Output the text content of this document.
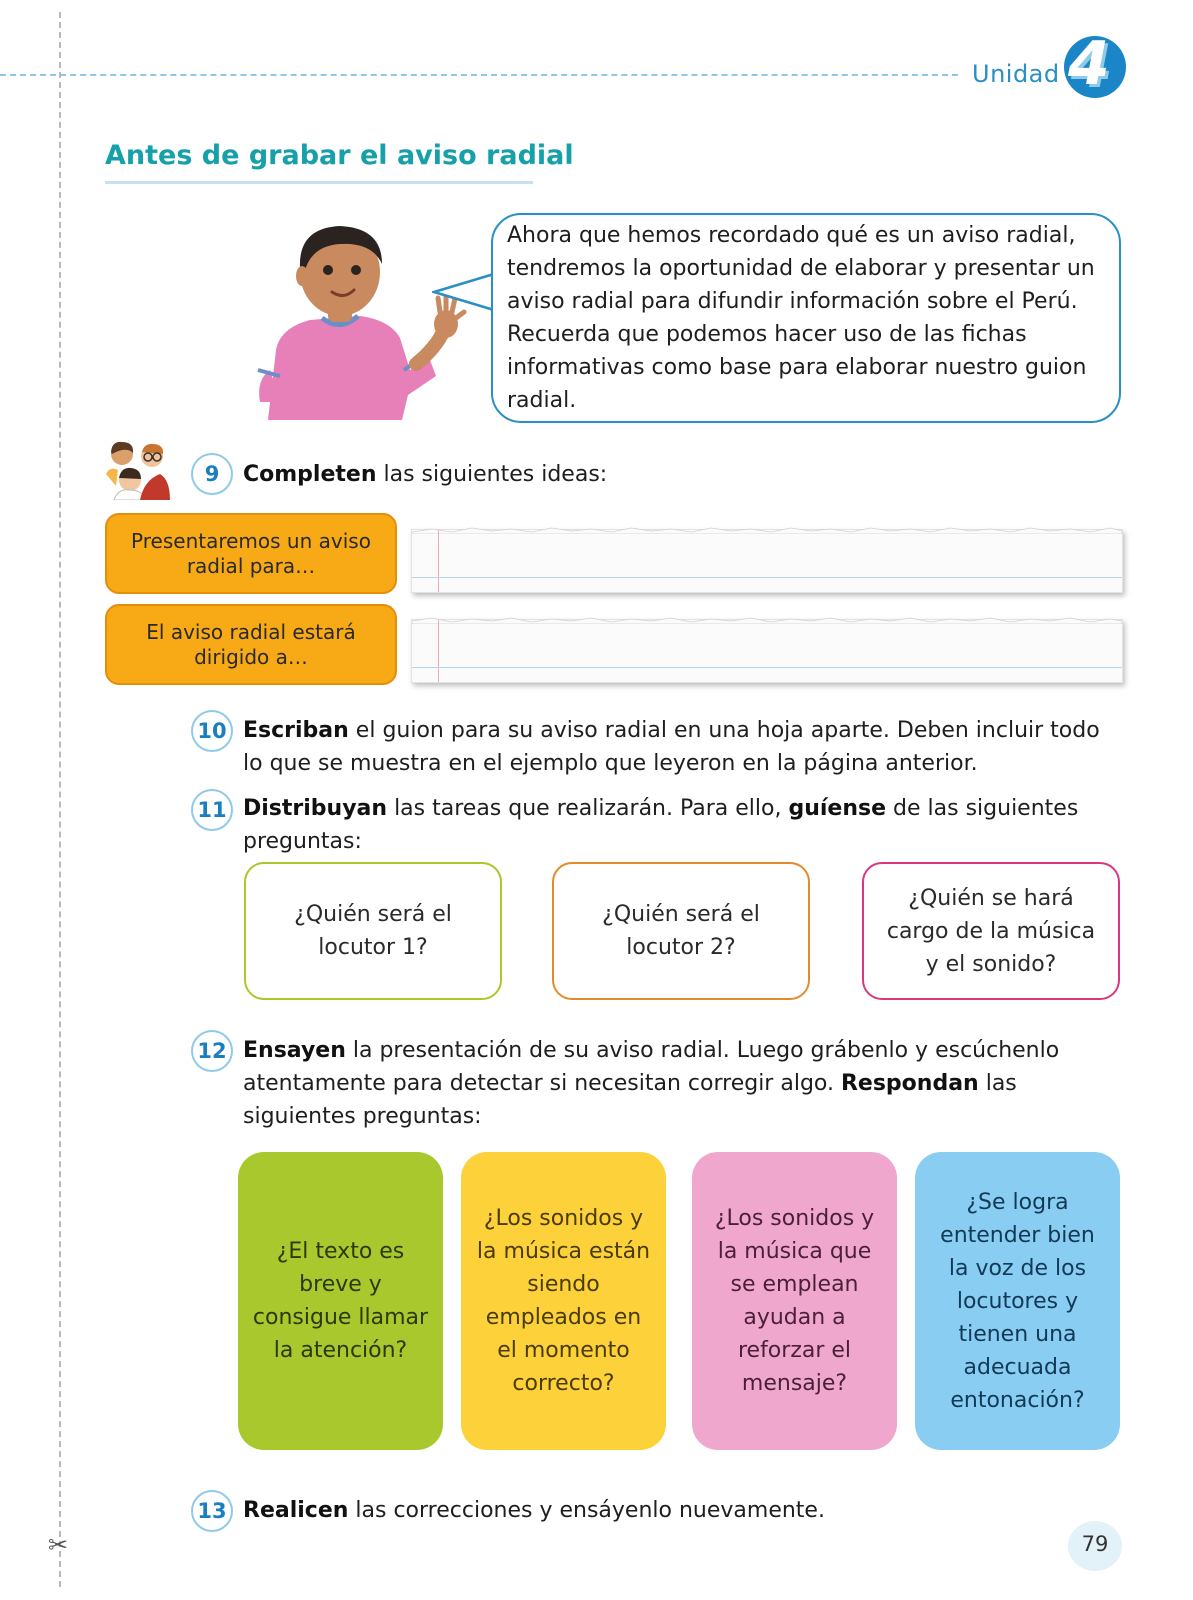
✂
Unidad 4
Antes de grabar el aviso radial
Ahora que hemos recordado qué es un aviso radial, tendremos la oportunidad de elaborar y presentar un aviso radial para difundir información sobre el Perú. Recuerda que podemos hacer uso de las fichas informativas como base para elaborar nuestro guion radial.
9	Completen las siguientes ideas:
Presentaremos un aviso radial para…
El aviso radial estará dirigido a…
10 Escriban el guion para su aviso radial en una hoja aparte. Deben incluir todo lo que se muestra en el ejemplo que leyeron en la página anterior.
11 Distribuyan las tareas que realizarán. Para ello, guíense de las siguientes preguntas:
¿Quién será el locutor 1?
¿Quién será el locutor 2?
¿Quién se hará cargo de la música y el sonido?
12 Ensayen la presentación de su aviso radial. Luego grábenlo y escúchenlo atentamente para detectar si necesitan corregir algo. Respondan las siguientes preguntas:
¿El texto es breve y consigue llamar la atención?
¿Los sonidos y la música están siendo empleados en el momento correcto?
¿Los sonidos y la música que se emplean ayudan a reforzar el mensaje?
¿Se logra entender bien la voz de los locutores y tienen una adecuada entonación?
13 Realicen las correcciones y ensáyenlo nuevamente.
79
